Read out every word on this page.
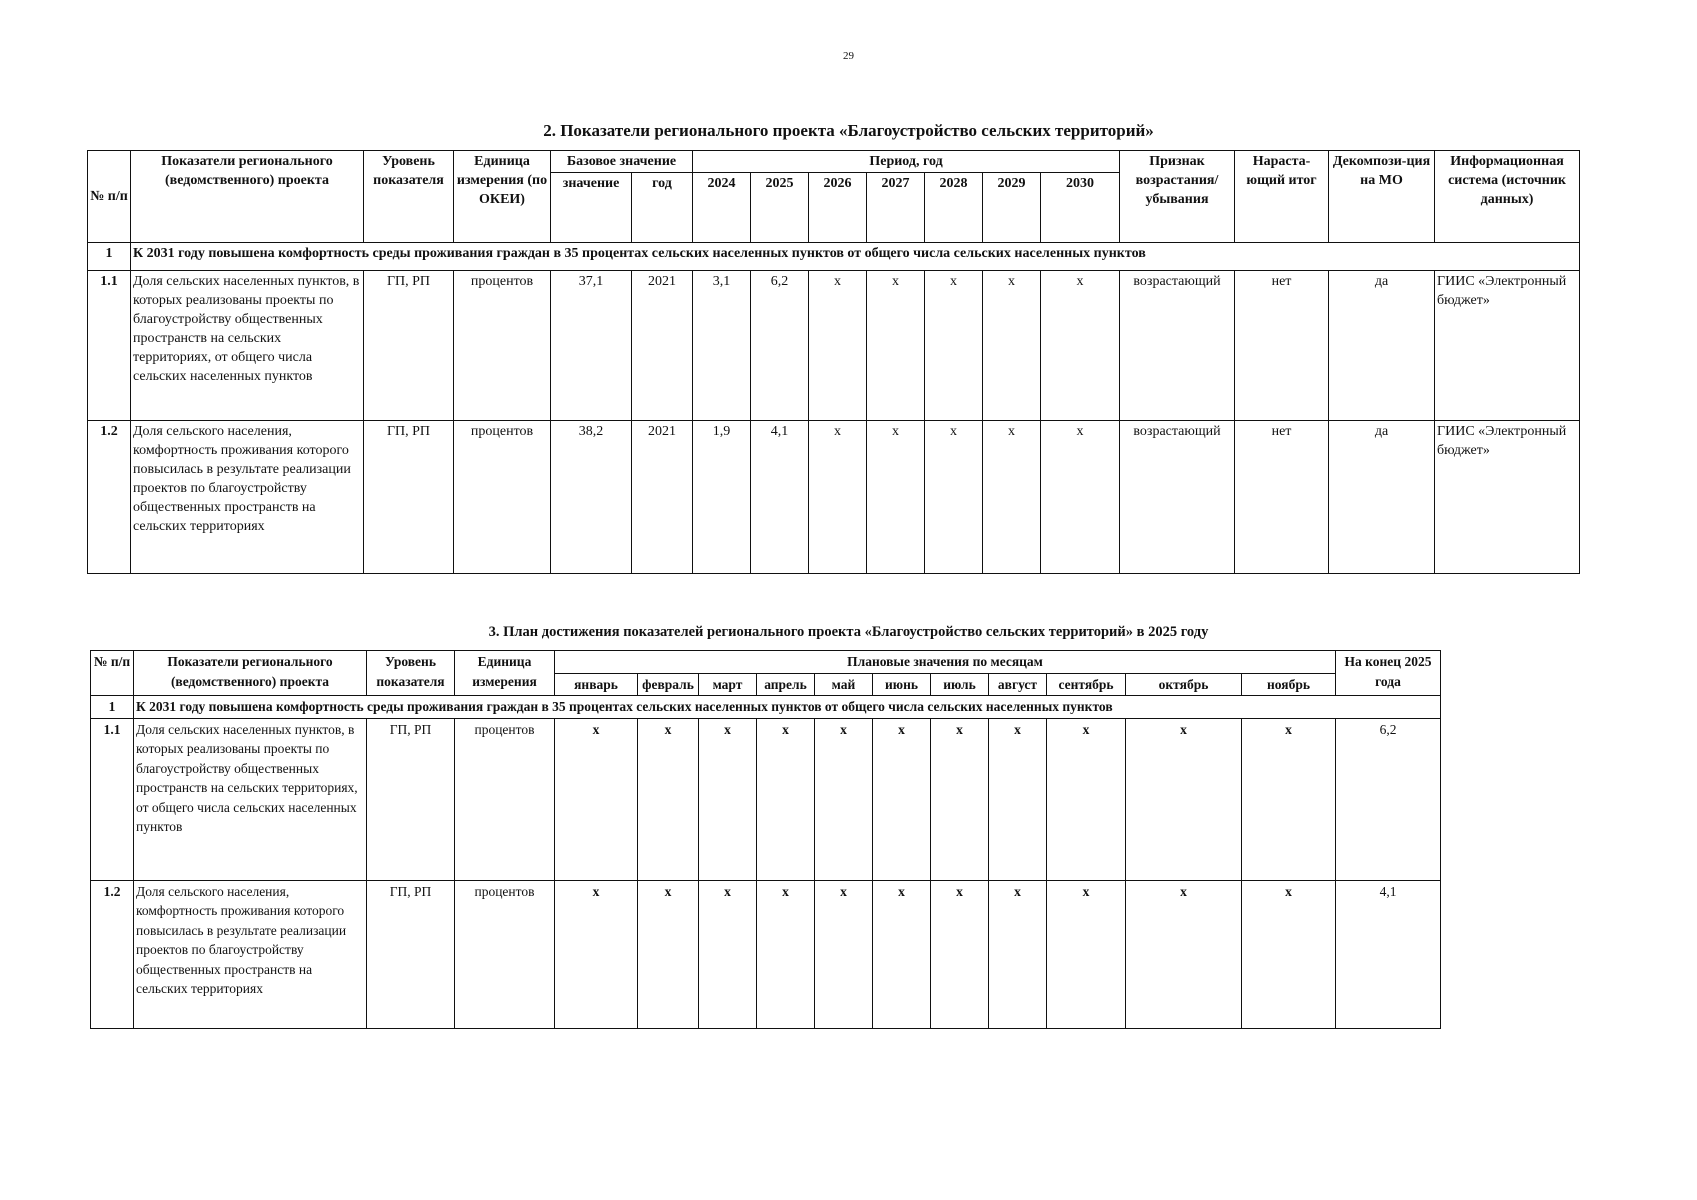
29
2. Показатели регионального проекта «Благоустройство сельских территорий»
№ п/п	Показатели регионального (ведомственного) проекта	Уровень показателя	Единица измерения (по ОКЕИ)	Базовое значение		Период, год							Признак возрастания/ убывания	Нараста-ющий итог	Декомпози-ция на МО	Информационная система (источник данных)
				значение	год	2024	2025	2026	2027	2028	2029	2030				
1	К 2031 году повышена комфортность среды проживания граждан в 35 процентах сельских населенных пунктов от общего числа сельских населенных пунктов															
1.1	Доля сельских населенных пунктов, в которых реализованы проекты по благоустройству общественных пространств на сельских территориях, от общего числа сельских населенных пунктов	ГП, РП	процентов	37,1	2021	3,1	6,2	x	x	x	x	x	возрастающий	нет	да	ГИИС «Электронный бюджет»
1.2	Доля сельского населения, комфортность проживания которого повысилась в результате реализации проектов по благоустройству общественных пространств на сельских территориях	ГП, РП	процентов	38,2	2021	1,9	4,1	x	x	x	x	x	возрастающий	нет	да	ГИИС «Электронный бюджет»
3. План достижения показателей регионального проекта «Благоустройство сельских территорий» в 2025 году
№ п/п	Показатели регионального (ведомственного) проекта	Уровень показателя	Единица измерения	Плановые значения по месяцам											На конец 2025 года
				январь	февраль	март	апрель	май	июнь	июль	август	сентябрь	октябрь	ноябрь	
1	К 2031 году повышена комфортность среды проживания граждан в 35 процентах сельских населенных пунктов от общего числа сельских населенных пунктов														
1.1	Доля сельских населенных пунктов, в которых реализованы проекты по благоустройству общественных пространств на сельских территориях, от общего числа сельских населенных пунктов	ГП, РП	процентов	x	x	x	x	x	x	x	x	x	x	x	6,2
1.2	Доля сельского населения, комфортность проживания которого повысилась в результате реализации проектов по благоустройству общественных пространств на сельских территориях	ГП, РП	процентов	x	x	x	x	x	x	x	x	x	x	x	4,1
